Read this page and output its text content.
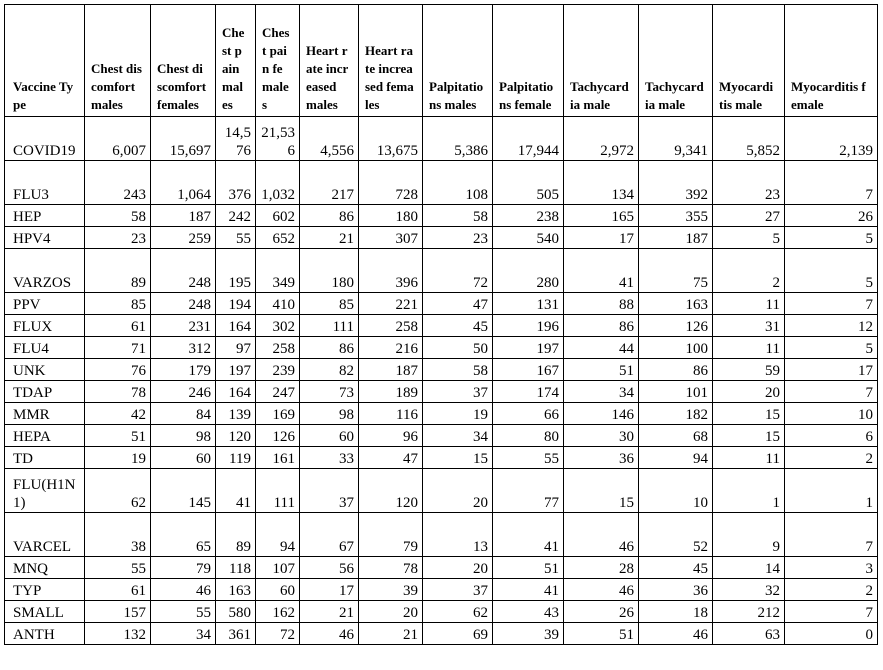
Vaccine Type	Chest discomfort males	Chest discomfort females	Chest pain males	Chest pain females	Heart rate increased males	Heart rate increased females	Palpitations males	Palpitations female	Tachycardia male	Tachycardia male	Myocarditis male	Myocarditis female
COVID19	6,007	15,697	14,576	21,536	4,556	13,675	5,386	17,944	2,972	9,341	5,852	2,139
FLU3	243	1,064	376	1,032	217	728	108	505	134	392	23	7
HEP	58	187	242	602	86	180	58	238	165	355	27	26
HPV4	23	259	55	652	21	307	23	540	17	187	5	5
VARZOS	89	248	195	349	180	396	72	280	41	75	2	5
PPV	85	248	194	410	85	221	47	131	88	163	11	7
FLUX	61	231	164	302	111	258	45	196	86	126	31	12
FLU4	71	312	97	258	86	216	50	197	44	100	11	5
UNK	76	179	197	239	82	187	58	167	51	86	59	17
TDAP	78	246	164	247	73	189	37	174	34	101	20	7
MMR	42	84	139	169	98	116	19	66	146	182	15	10
HEPA	51	98	120	126	60	96	34	80	30	68	15	6
TD	19	60	119	161	33	47	15	55	36	94	11	2
FLU(H1N1)	62	145	41	111	37	120	20	77	15	10	1	1
VARCEL	38	65	89	94	67	79	13	41	46	52	9	7
MNQ	55	79	118	107	56	78	20	51	28	45	14	3
TYP	61	46	163	60	17	39	37	41	46	36	32	2
SMALL	157	55	580	162	21	20	62	43	26	18	212	7
ANTH	132	34	361	72	46	21	69	39	51	46	63	0
